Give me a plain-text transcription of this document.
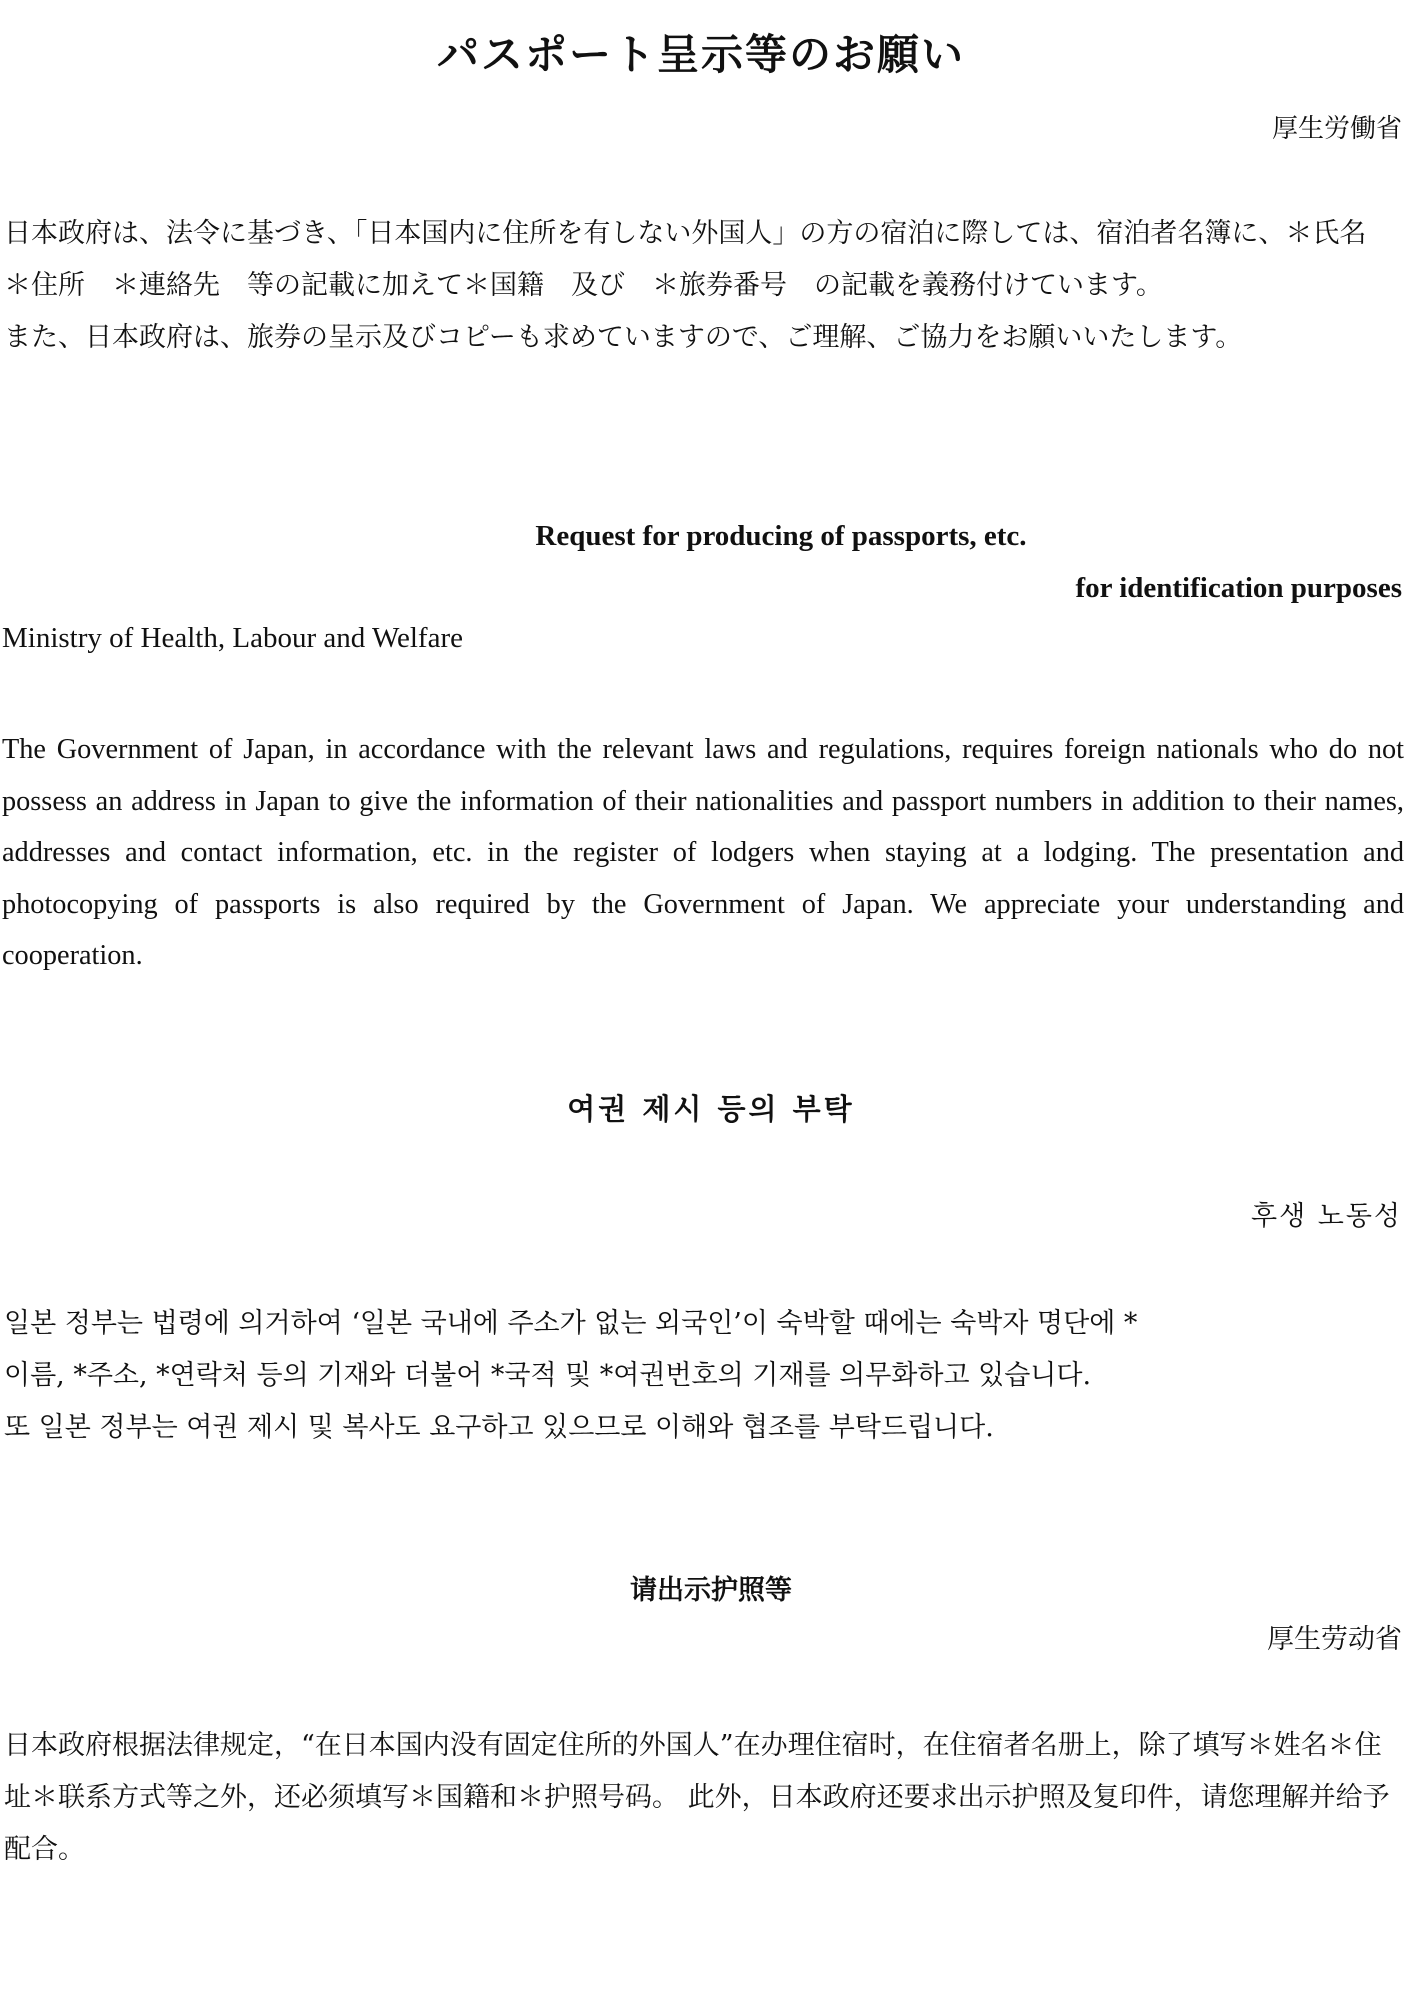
パスポート呈示等のお願い
厚生労働省

日本政府は、法令に基づき、「日本国内に住所を有しない外国人」の方の宿泊に際しては、宿泊者名簿に、＊氏名　＊住所　＊連絡先　等の記載に加えて＊国籍　及び　＊旅券番号　の記載を義務付けています。

また、日本政府は、旅券の呈示及びコピーも求めていますので、ご理解、ご協力をお願いいたします。

Request for producing of passports, etc.
for identification purposes
Ministry of Health, Labour and Welfare

The Government of Japan, in accordance with the relevant laws and regulations, requires foreign nationals who do not possess an address in Japan to give the information of their nationalities and passport numbers in addition to their names, addresses and contact information, etc. in the register of lodgers when staying at a lodging. The presentation and photocopying of passports is also required by the Government of Japan. We appreciate your understanding and cooperation.

여권 제시 등의 부탁
후생 노동성

일본 정부는 법령에 의거하여 ‘일본 국내에 주소가 없는 외국인’이 숙박할 때에는 숙박자 명단에 *

이름, *주소, *연락처 등의 기재와 더불어 *국적 및 *여권번호의 기재를 의무화하고 있습니다.

또 일본 정부는 여권 제시 및 복사도 요구하고 있으므로 이해와 협조를 부탁드립니다.

请出示护照等
厚生劳动省

日本政府根据法律规定，“在日本国内没有固定住所的外国人”在办理住宿时，在住宿者名册上，除了填写＊姓名＊住址＊联系方式等之外，还必须填写＊国籍和＊护照号码。 此外，日本政府还要求出示护照及复印件，请您理解并给予配合。
